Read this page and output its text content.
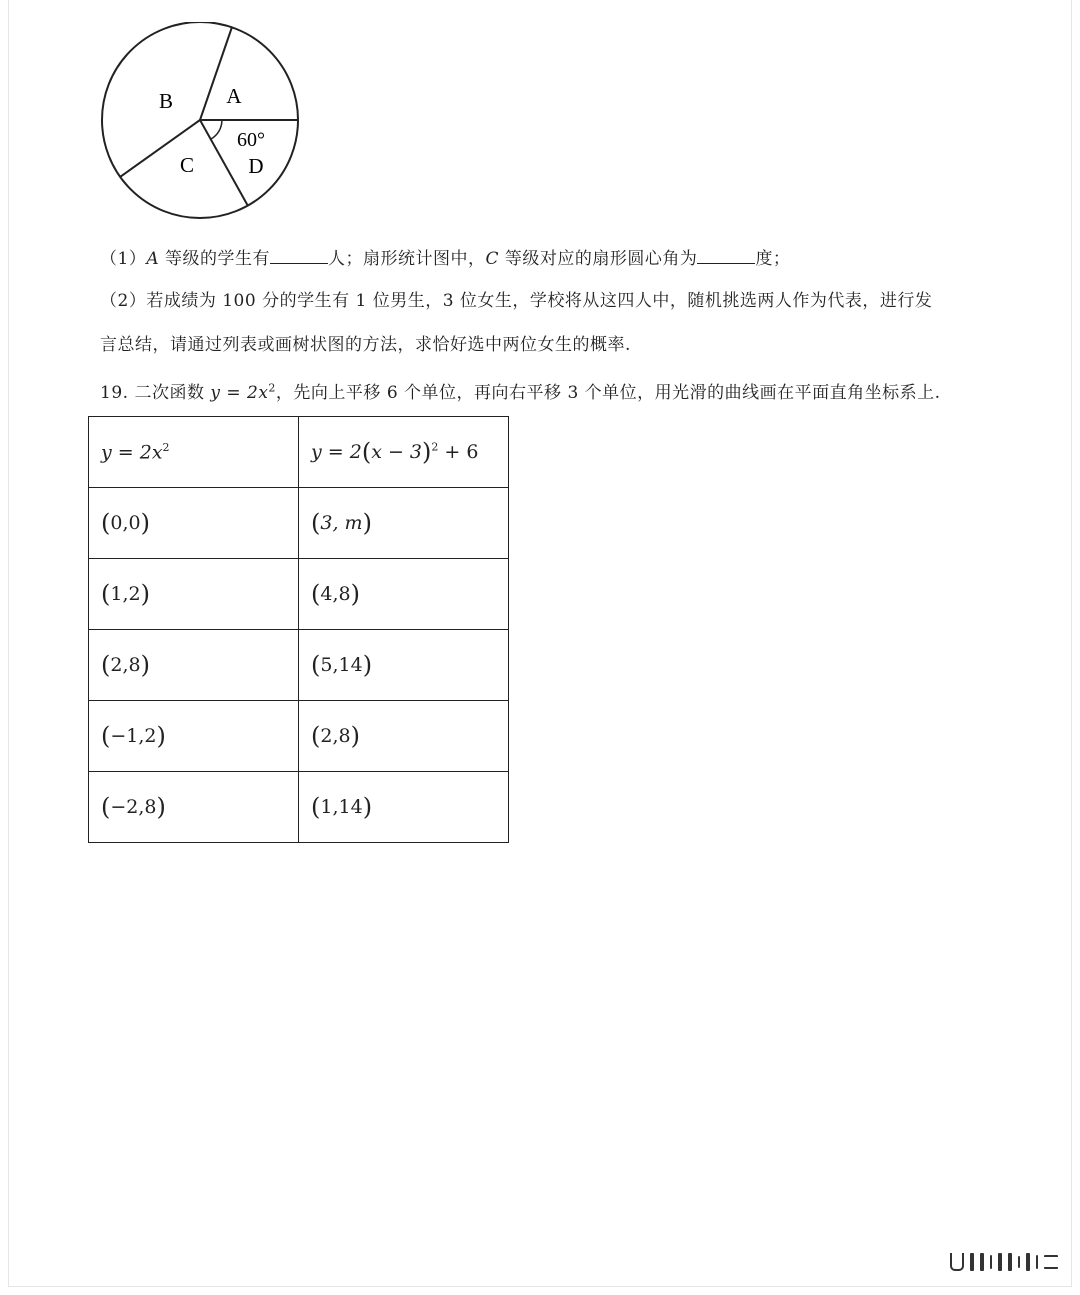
B	A
60°
C	D
（1）A 等级的学生有	人；扇形统计图中，C 等级对应的扇形圆心角为	度；
（2）若成绩为 100 分的学生有 1 位男生，3 位女生，学校将从这四人中，随机挑选两人作为代表，进行发
言总结，请通过列表或画树状图的方法，求恰好选中两位女生的概率.
19. 二次函数 $y = 2x^2$，先向上平移 6 个单位，再向右平移 3 个单位，用光滑的曲线画在平面直角坐标系上.
$y = 2x^2$	$y = 2(x - 3)^2 + 6$
(0,0)	(3, m)
(1,2)	(4,8)
(2,8)	(5,14)
(−1,2)	(2,8)
(−2,8)	(1,14)
